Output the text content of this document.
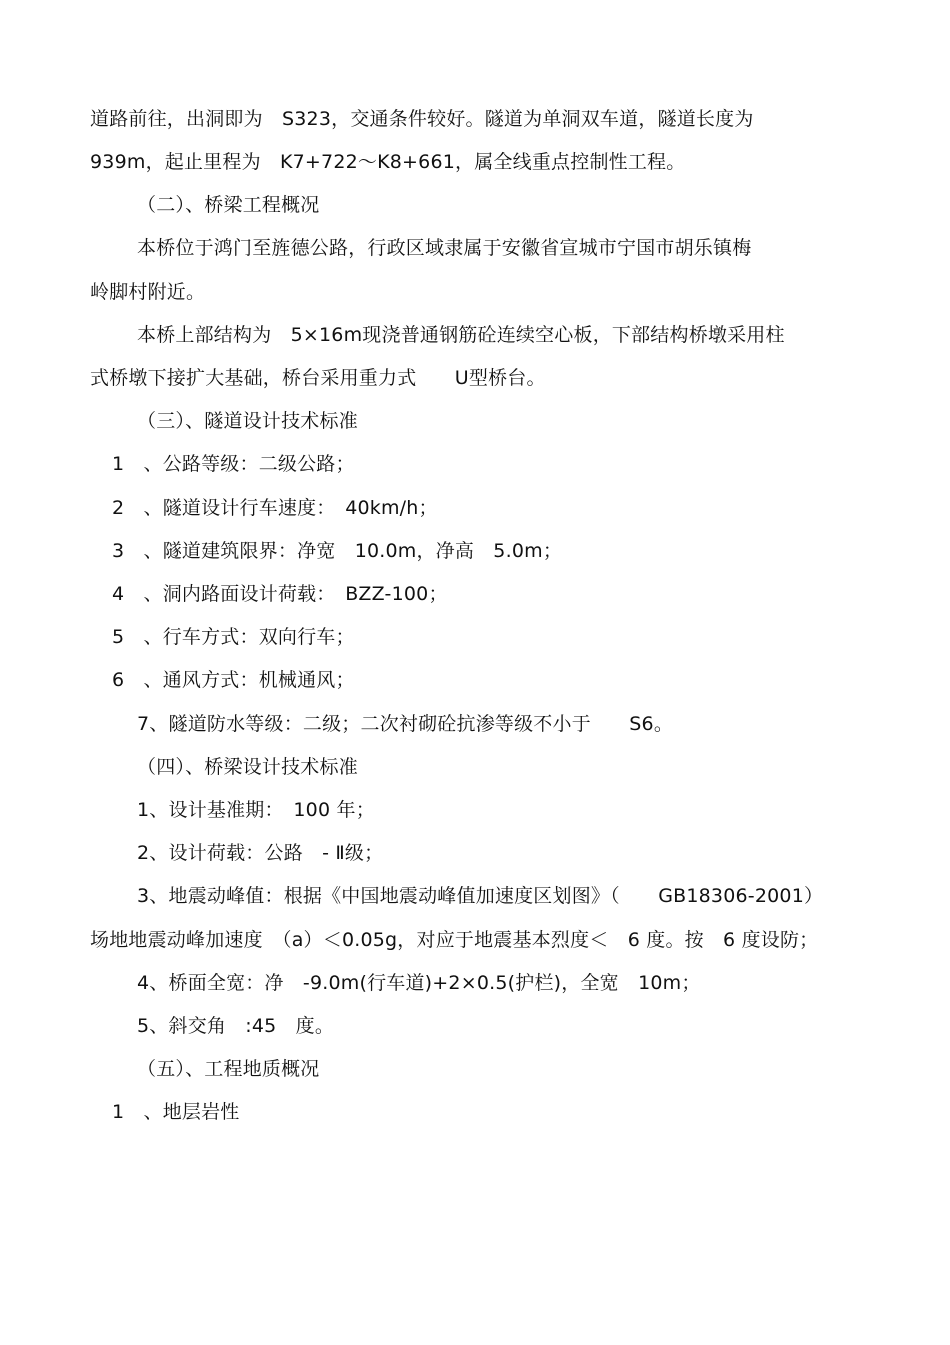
道路前往，出洞即为　S323，交通条件较好。隧道为单洞双车道，隧道长度为
939m，起止里程为　K7+722～K8+661，属全线重点控制性工程。
（二）、桥梁工程概况
本桥位于鸿门至旌德公路，行政区域隶属于安徽省宣城市宁国市胡乐镇梅
岭脚村附近。
本桥上部结构为　5×16m现浇普通钢筋砼连续空心板，下部结构桥墩采用柱
式桥墩下接扩大基础，桥台采用重力式　　U型桥台。
（三）、隧道设计技术标准
1　、公路等级：二级公路；
2　、隧道设计行车速度：　40km/h；
3　、隧道建筑限界：净宽　10.0m，净高　5.0m；
4　、洞内路面设计荷载：　BZZ-100；
5　、行车方式：双向行车；
6　、通风方式：机械通风；
7、隧道防水等级：二级；二次衬砌砼抗渗等级不小于　　S6。
（四）、桥梁设计技术标准
1、设计基准期：　100 年；
2、设计荷载：公路　- Ⅱ级；
3、地震动峰值：根据《中国地震动峰值加速度区划图》（　　GB18306-2001）
场地地震动峰加速度　（a）＜0.05g，对应于地震基本烈度＜　6 度。按　6 度设防；
4、桥面全宽：净　-9.0m(行车道)+2×0.5(护栏)，全宽　10m；
5、斜交角　:45　度。
（五）、工程地质概况
1　、地层岩性
